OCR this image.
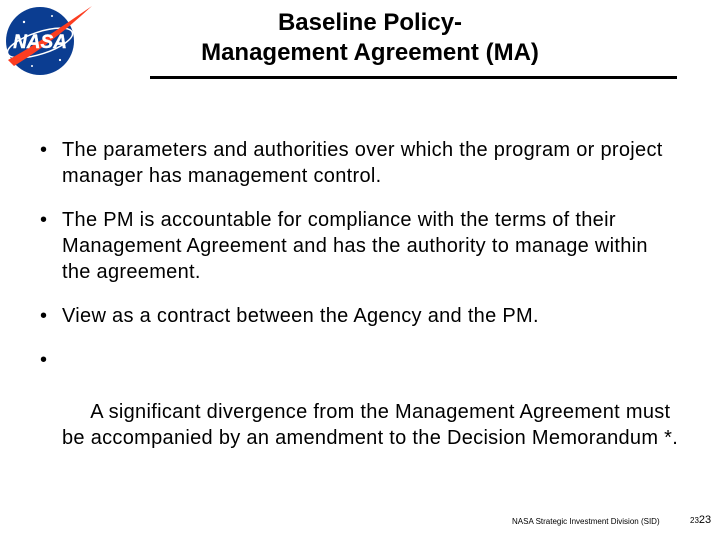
NASA
Baseline Policy-
Management Agreement (MA)
• The parameters and authorities over which the program or project manager has management control.
• The PM is accountable for compliance with the terms of their Management Agreement and has the authority to manage within the agreement.
• View as a contract between the Agency and the PM.

•

A significant divergence from the Management Agreement must be accompanied by an amendment to the Decision Memorandum *.

NASA Strategic Investment Division (SID)	2323
